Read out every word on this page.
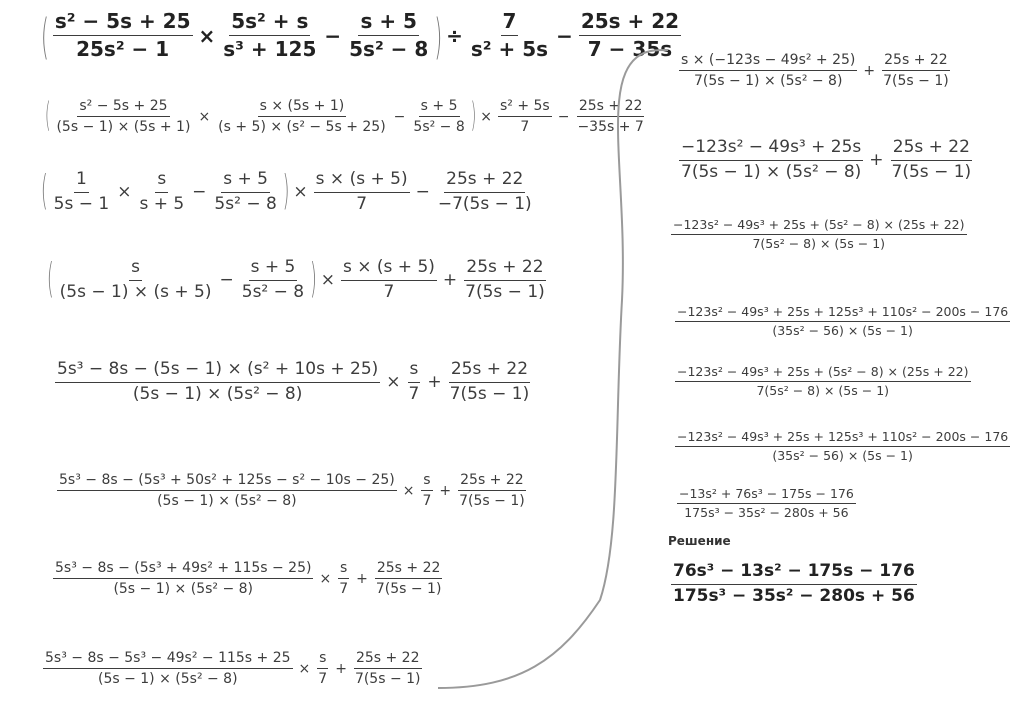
( $\frac{\text{s² − 5s + 25}}{\text{25s² − 1}} \times \frac{\text{5s² + s}}{\text{s³ + 125}} - \frac{s + 5}{\text{5s² − 8}}$ ) ÷ $\frac{7}{\text{s² + 5s}} - \frac{25s + 22}{7 - 35s}$
( $\frac{\text{s² − 5s + 25}}{(5s - 1) \times (5s + 1)} \times \frac{s \times (5s + 1)}{\text{(s + 5) × (s² − 5s + 25)}} - \frac{s + 5}{\text{5s² − 8}}$ ) × $\frac{\text{s² + 5s}}{7} - \frac{25s + 22}{-35s + 7}$
( $\frac{1}{5s - 1} \times \frac{s}{s + 5} - \frac{s + 5}{\text{5s² − 8}}$ ) × $\frac{s \times (s + 5)}{7} - \frac{25s + 22}{-7(5s - 1)}$
( $\frac{s}{(5s - 1) \times (s + 5)} - \frac{s + 5}{\text{5s² − 8}}$ ) × $\frac{s \times (s + 5)}{7} + \frac{25s + 22}{7(5s - 1)}$
$\frac{\text{5s³ − 8s − (5s − 1) × (s² + 10s + 25)}}{\text{(5s − 1) × (5s² − 8)}} \times \frac{s}{7} + \frac{25s + 22}{7(5s - 1)}$
$\frac{\text{5s³ − 8s − (5s³ + 50s² + 125s − s² − 10s − 25)}}{\text{(5s − 1) × (5s² − 8)}} \times \frac{s}{7} + \frac{25s + 22}{7(5s - 1)}$
$\frac{\text{5s³ − 8s − (5s³ + 49s² + 115s − 25)}}{\text{(5s − 1) × (5s² − 8)}} \times \frac{s}{7} + \frac{25s + 22}{7(5s - 1)}$
$\frac{\text{5s³ − 8s − 5s³ − 49s² − 115s + 25}}{\text{(5s − 1) × (5s² − 8)}} \times \frac{s}{7} + \frac{25s + 22}{7(5s - 1)}$
$\frac{\text{s × (−123s − 49s² + 25)}}{\text{7(5s − 1) × (5s² − 8)}} + \frac{25s + 22}{7(5s - 1)}$
$\frac{\text{−123s² − 49s³ + 25s}}{\text{7(5s − 1) × (5s² − 8)}} + \frac{25s + 22}{7(5s - 1)}$
$\frac{\text{−123s² − 49s³ + 25s + (5s² − 8) × (25s + 22)}}{\text{7(5s² − 8) × (5s − 1)}}$
$\frac{\text{−123s² − 49s³ + 25s + 125s³ + 110s² − 200s − 176}}{\text{(35s² − 56) × (5s − 1)}}$
$\frac{\text{−123s² − 49s³ + 25s + (5s² − 8) × (25s + 22)}}{\text{7(5s² − 8) × (5s − 1)}}$
$\frac{\text{−123s² − 49s³ + 25s + 125s³ + 110s² − 200s − 176}}{\text{(35s² − 56) × (5s − 1)}}$
$\frac{\text{−13s² + 76s³ − 175s − 176}}{\text{175s³ − 35s² − 280s + 56}}$
Решение
$\frac{\text{76s³ − 13s² − 175s − 176}}{\text{175s³ − 35s² − 280s + 56}}$
